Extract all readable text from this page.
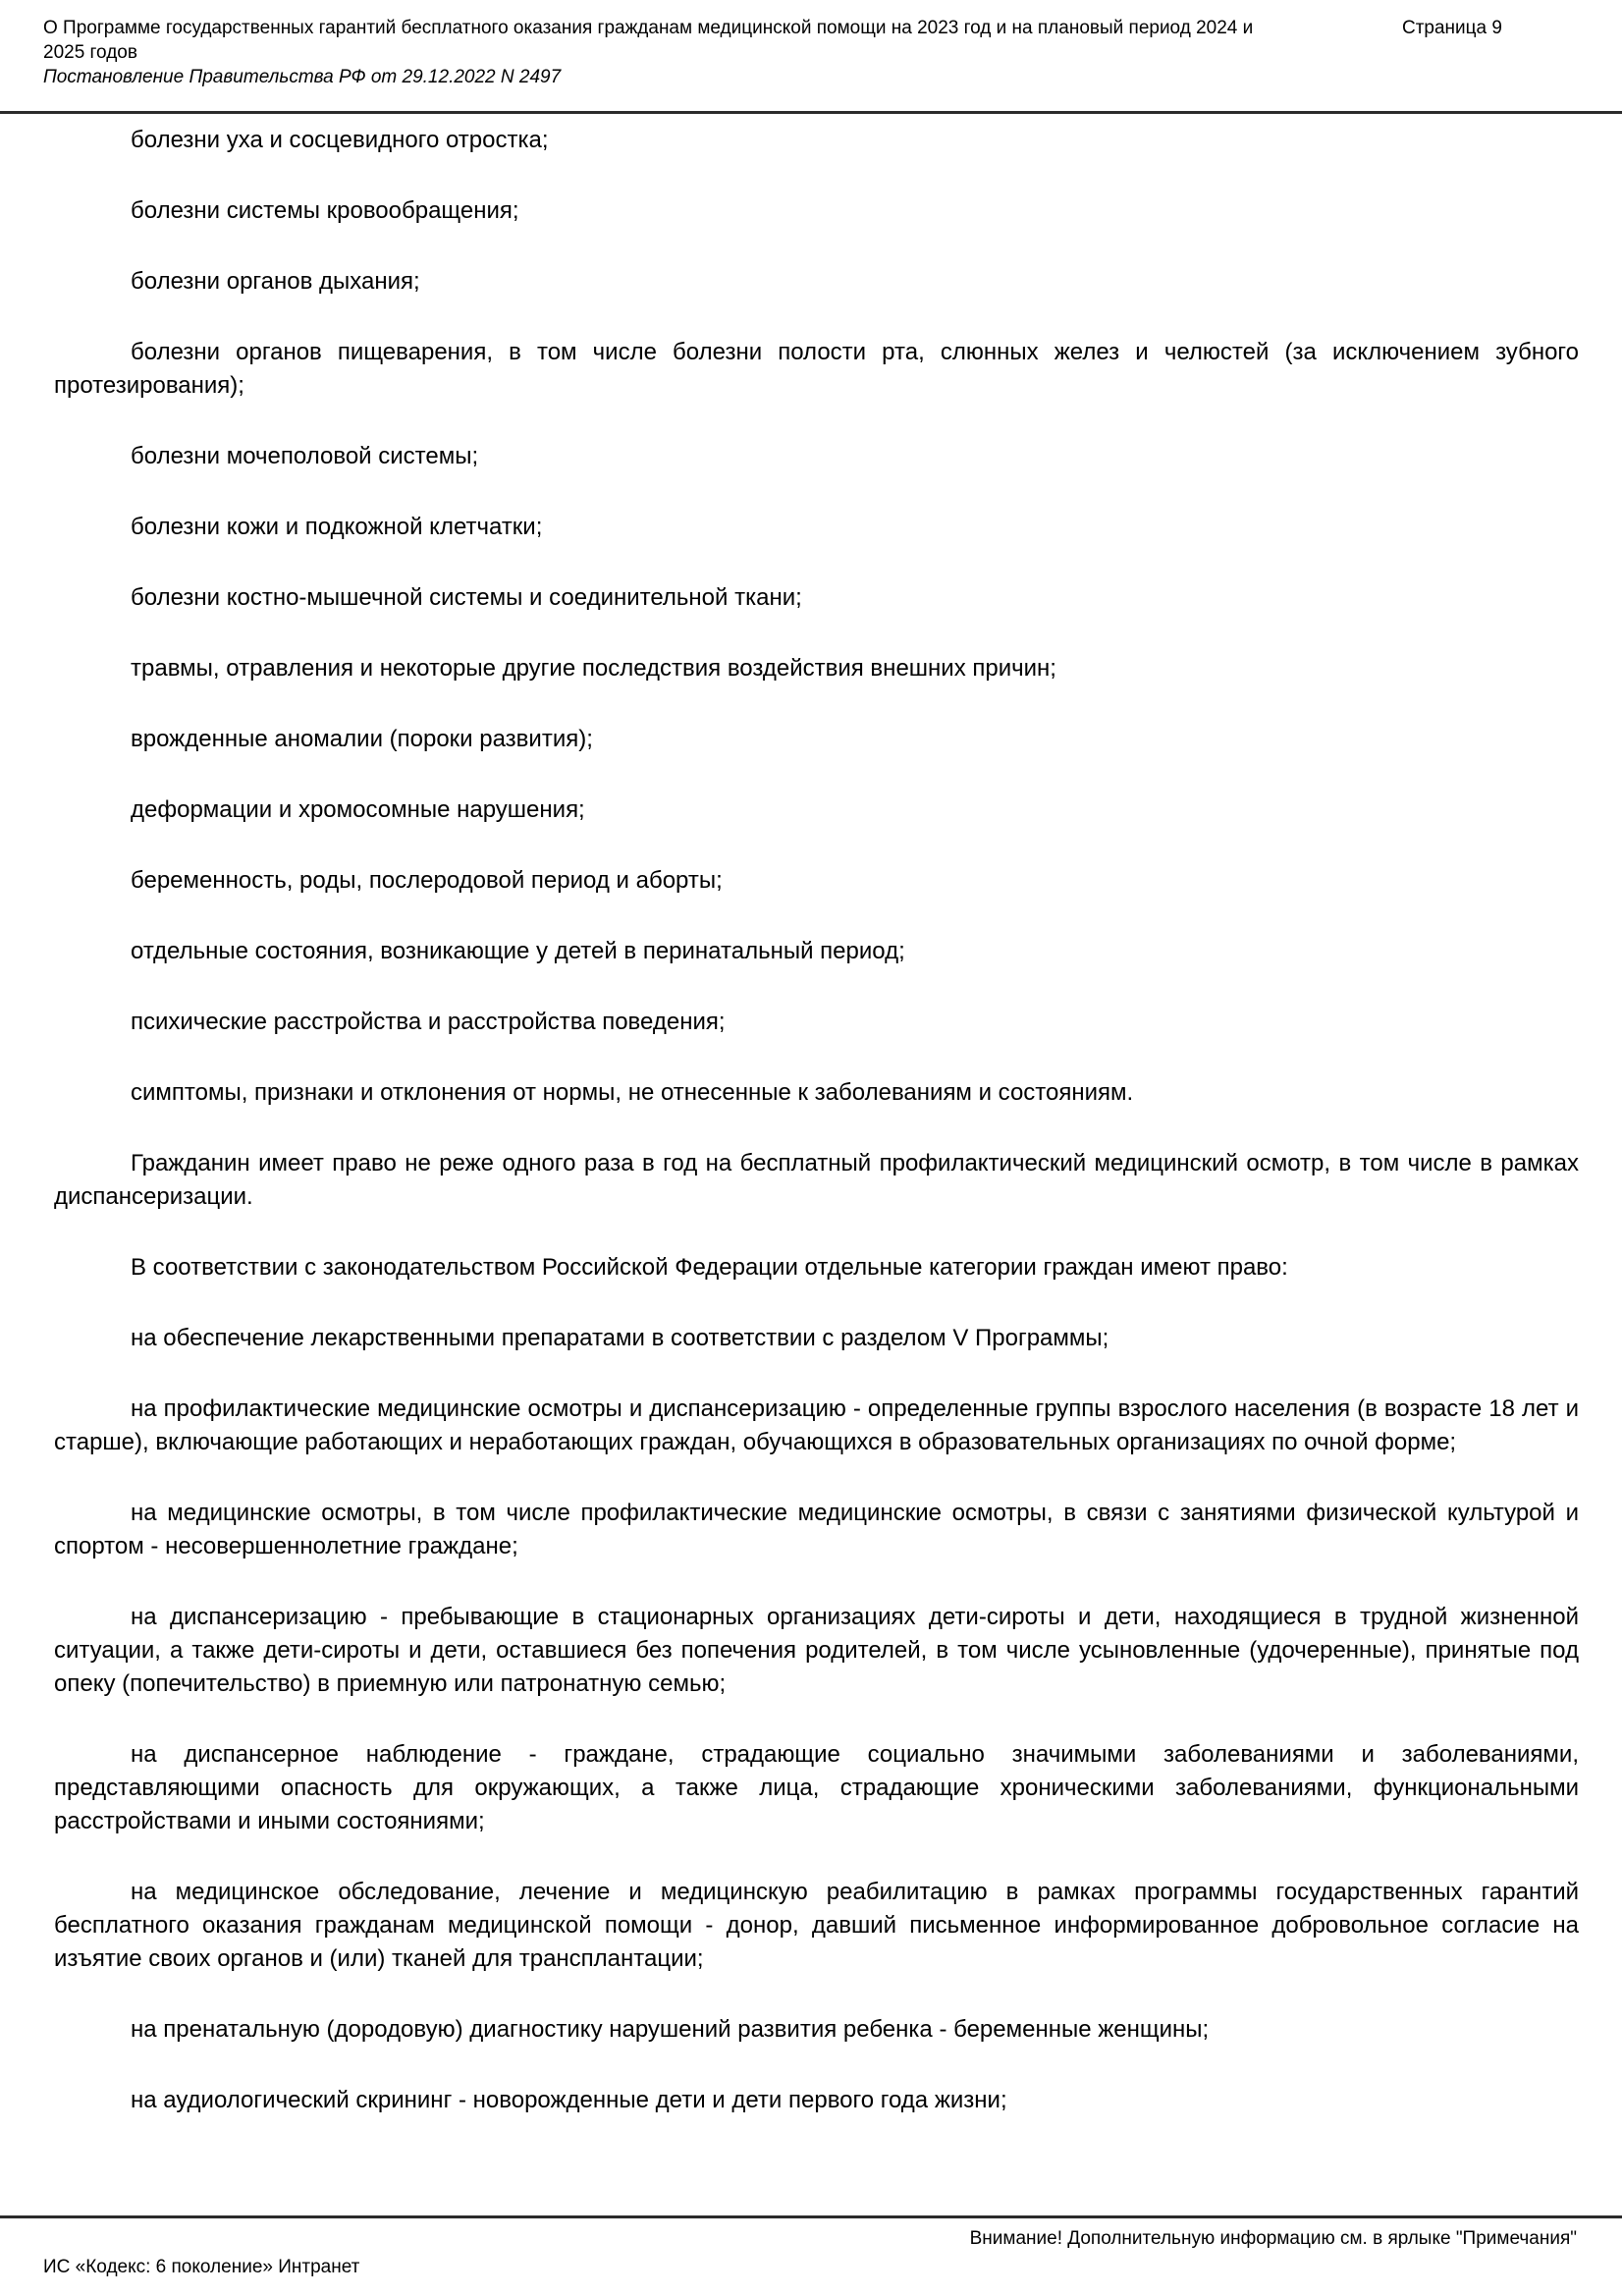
О Программе государственных гарантий бесплатного оказания гражданам медицинской помощи на 2023 год и на плановый период 2024 и 2025 годов
Постановление Правительства РФ от 29.12.2022 N 2497
Страница 9

болезни уха и сосцевидного отростка;

болезни системы кровообращения;

болезни органов дыхания;

болезни органов пищеварения, в том числе болезни полости рта, слюнных желез и челюстей (за исключением зубного протезирования);

болезни мочеполовой системы;

болезни кожи и подкожной клетчатки;

болезни костно-мышечной системы и соединительной ткани;

травмы, отравления и некоторые другие последствия воздействия внешних причин;

врожденные аномалии (пороки развития);

деформации и хромосомные нарушения;

беременность, роды, послеродовой период и аборты;

отдельные состояния, возникающие у детей в перинатальный период;

психические расстройства и расстройства поведения;

симптомы, признаки и отклонения от нормы, не отнесенные к заболеваниям и состояниям.

Гражданин имеет право не реже одного раза в год на бесплатный профилактический медицинский осмотр, в том числе в рамках диспансеризации.

В соответствии с законодательством Российской Федерации отдельные категории граждан имеют право:

на обеспечение лекарственными препаратами в соответствии с разделом V Программы;

на профилактические медицинские осмотры и диспансеризацию - определенные группы взрослого населения (в возрасте 18 лет и старше), включающие работающих и неработающих граждан, обучающихся в образовательных организациях по очной форме;

на медицинские осмотры, в том числе профилактические медицинские осмотры, в связи с занятиями физической культурой и спортом - несовершеннолетние граждане;

на диспансеризацию - пребывающие в стационарных организациях дети-сироты и дети, находящиеся в трудной жизненной ситуации, а также дети-сироты и дети, оставшиеся без попечения родителей, в том числе усыновленные (удочеренные), принятые под опеку (попечительство) в приемную или патронатную семью;

на диспансерное наблюдение - граждане, страдающие социально значимыми заболеваниями и заболеваниями, представляющими опасность для окружающих, а также лица, страдающие хроническими заболеваниями, функциональными расстройствами и иными состояниями;

на медицинское обследование, лечение и медицинскую реабилитацию в рамках программы государственных гарантий бесплатного оказания гражданам медицинской помощи - донор, давший письменное информированное добровольное согласие на изъятие своих органов и (или) тканей для трансплантации;

на пренатальную (дородовую) диагностику нарушений развития ребенка - беременные женщины;

на аудиологический скрининг - новорожденные дети и дети первого года жизни;

Внимание! Дополнительную информацию см. в ярлыке "Примечания"
ИС «Кодекс: 6 поколение» Интранет
